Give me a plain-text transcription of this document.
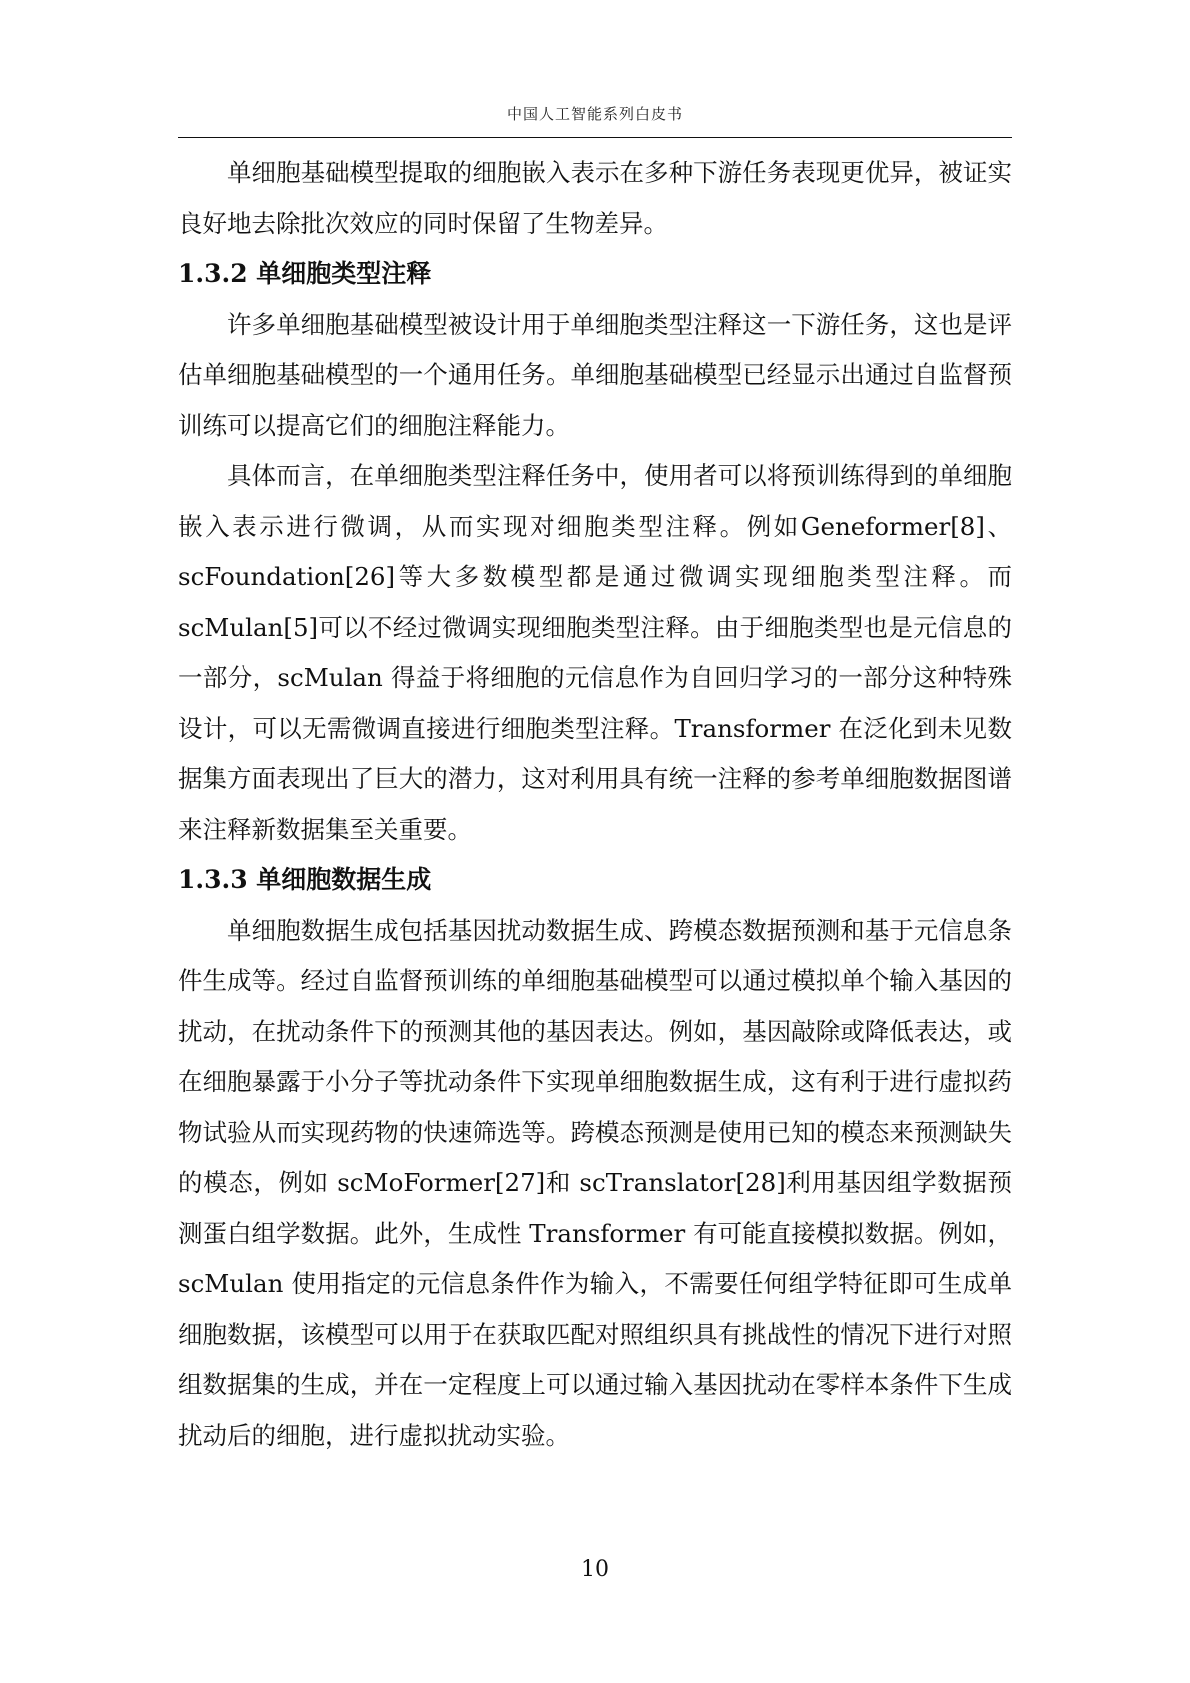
中国人工智能系列白皮书

单细胞基础模型提取的细胞嵌入表示在多种下游任务表现更优异，被证实良好地去除批次效应的同时保留了生物差异。

1.3.2 单细胞类型注释

许多单细胞基础模型被设计用于单细胞类型注释这一下游任务，这也是评估单细胞基础模型的一个通用任务。单细胞基础模型已经显示出通过自监督预训练可以提高它们的细胞注释能力。

具体而言，在单细胞类型注释任务中，使用者可以将预训练得到的单细胞嵌入表示进行微调，从而实现对细胞类型注释。例如Geneformer[8]、scFoundation[26]等大多数模型都是通过微调实现细胞类型注释。而 scMulan[5]可以不经过微调实现细胞类型注释。由于细胞类型也是元信息的一部分，scMulan 得益于将细胞的元信息作为自回归学习的一部分这种特殊设计，可以无需微调直接进行细胞类型注释。Transformer 在泛化到未见数据集方面表现出了巨大的潜力，这对利用具有统一注释的参考单细胞数据图谱来注释新数据集至关重要。

1.3.3 单细胞数据生成

单细胞数据生成包括基因扰动数据生成、跨模态数据预测和基于元信息条件生成等。经过自监督预训练的单细胞基础模型可以通过模拟单个输入基因的扰动，在扰动条件下的预测其他的基因表达。例如，基因敲除或降低表达，或在细胞暴露于小分子等扰动条件下实现单细胞数据生成，这有利于进行虚拟药物试验从而实现药物的快速筛选等。跨模态预测是使用已知的模态来预测缺失的模态，例如 scMoFormer[27]和 scTranslator[28]利用基因组学数据预测蛋白组学数据。此外，生成性 Transformer 有可能直接模拟数据。例如，scMulan 使用指定的元信息条件作为输入，不需要任何组学特征即可生成单细胞数据，该模型可以用于在获取匹配对照组织具有挑战性的情况下进行对照组数据集的生成，并在一定程度上可以通过输入基因扰动在零样本条件下生成扰动后的细胞，进行虚拟扰动实验。

10
